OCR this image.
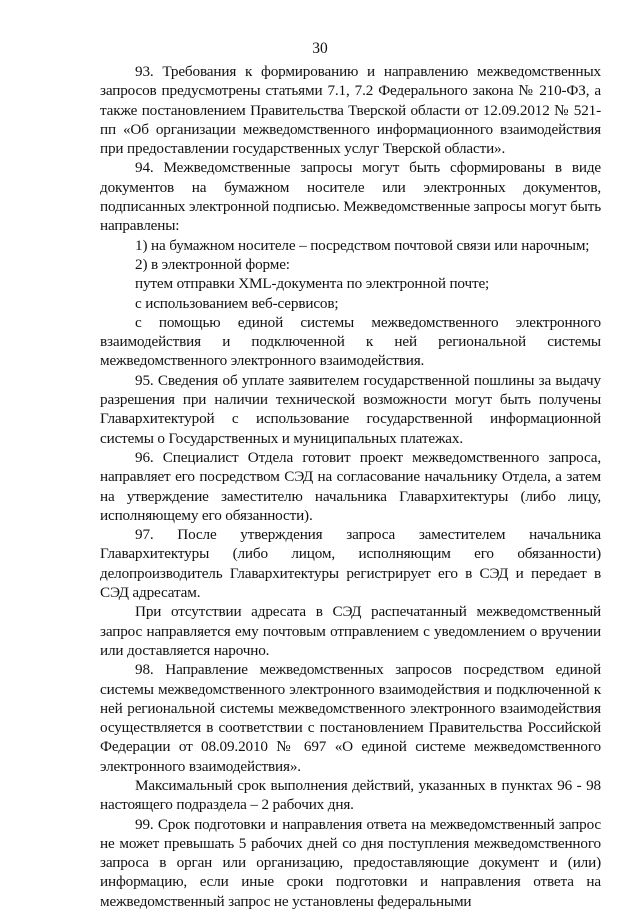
30

93. Требования к формированию и направлению межведомственных запросов предусмотрены статьями 7.1, 7.2 Федерального закона № 210-ФЗ, а также постановлением Правительства Тверской области от 12.09.2012 № 521-пп «Об организации межведомственного информационного взаимодействия при предоставлении государственных услуг Тверской области».

94. Межведомственные запросы могут быть сформированы в виде документов на бумажном носителе или электронных документов, подписанных электронной подписью. Межведомственные запросы могут быть направлены:

1) на бумажном носителе – посредством почтовой связи или нарочным;

2) в электронной форме:

путем отправки XML-документа по электронной почте;

с использованием веб-сервисов;

с помощью единой системы межведомственного электронного взаимодействия и подключенной к ней региональной системы межведомственного электронного взаимодействия.

95. Сведения об уплате заявителем государственной пошлины за выдачу разрешения при наличии технической возможности могут быть получены Главархитектурой с использование государственной информационной системы о Государственных и муниципальных платежах.

96. Специалист Отдела готовит проект межведомственного запроса, направляет его посредством СЭД на согласование начальнику Отдела, а затем на утверждение заместителю начальника Главархитектуры (либо лицу, исполняющему его обязанности).

97. После утверждения запроса заместителем начальника Главархитектуры (либо лицом, исполняющим его обязанности) делопроизводитель Главархитектуры регистрирует его в СЭД и передает в СЭД адресатам.

При отсутствии адресата в СЭД распечатанный межведомственный запрос направляется ему почтовым отправлением с уведомлением о вручении или доставляется нарочно.

98. Направление межведомственных запросов посредством единой системы межведомственного электронного взаимодействия и подключенной к ней региональной системы межведомственного электронного взаимодействия осуществляется в соответствии с постановлением Правительства Российской Федерации от 08.09.2010 № 697 «О единой системе межведомственного электронного взаимодействия».

Максимальный срок выполнения действий, указанных в пунктах 96 - 98 настоящего подраздела – 2 рабочих дня.

99. Срок подготовки и направления ответа на межведомственный запрос не может превышать 5 рабочих дней со дня поступления межведомственного запроса в орган или организацию, предоставляющие документ и (или) информацию, если иные сроки подготовки и направления ответа на межведомственный запрос не установлены федеральными
